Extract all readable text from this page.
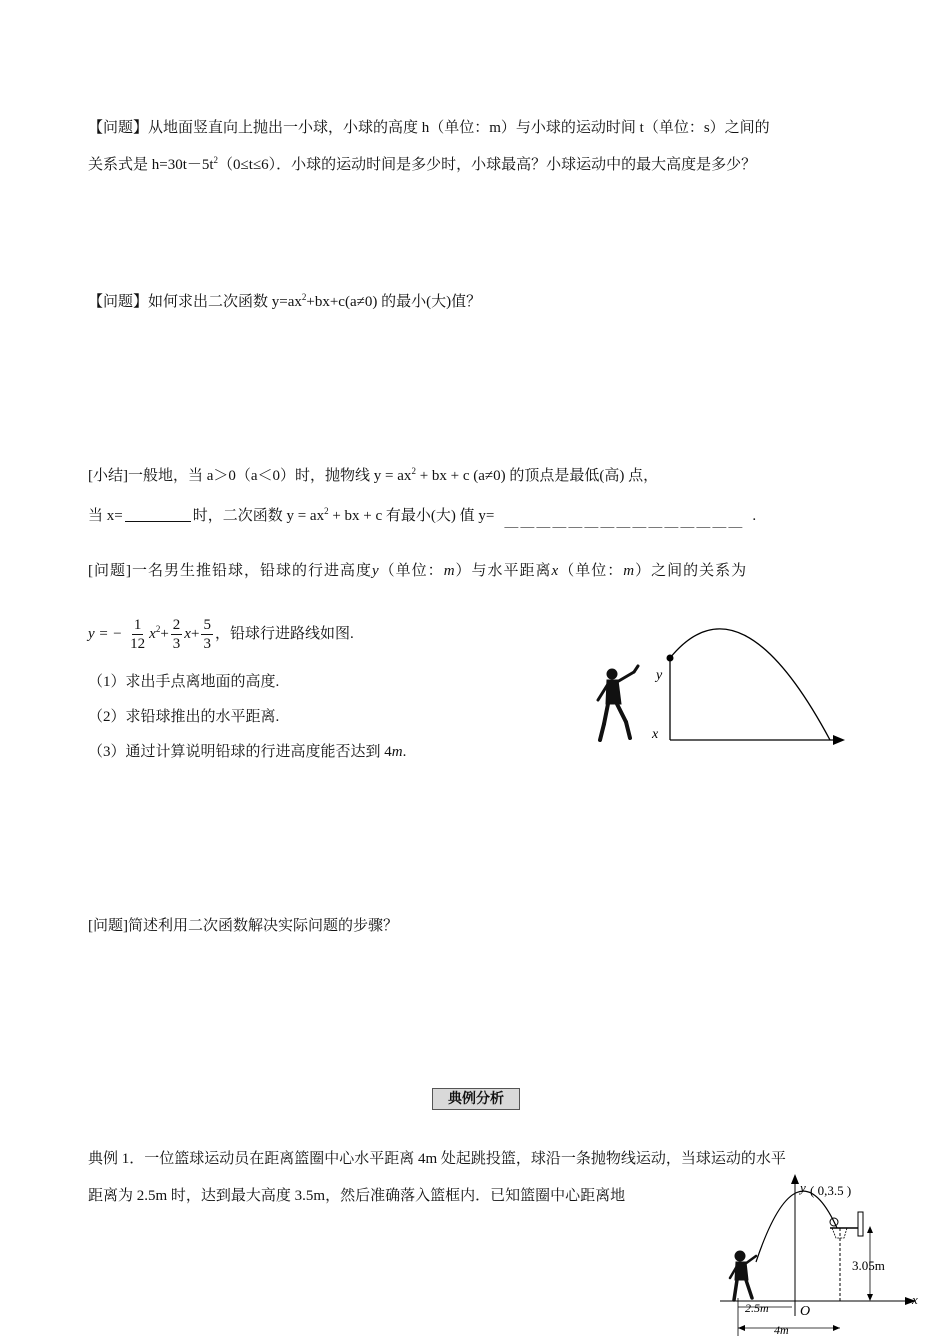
【问题】从地面竖直向上抛出一小球，小球的高度 h（单位：m）与小球的运动时间 t（单位：s）之间的
关系式是 $h=30t-5t^2(0\le t\le 6)$．小球的运动时间是多少时，小球最高？小球运动中的最大高度是多少？
【问题】如何求出二次函数 $y=ax^2+bx+c(a\ne 0)$ 的最小(大)值？
[小结]一般地，当 a＞0（a＜0）时，抛物线 $y = ax^2$ + bx + c (a≠0) 的顶点是最低(高) 点，
当 x=	时，二次函数 $y = ax^2$ + bx + c 有最小(大) 值 y= ＿＿＿＿＿＿＿＿＿＿＿＿＿＿＿ .
[问题]一名男生推铅球，铅球的行进高度y（单位：m）与水平距离x（单位：m）之间的关系为
y = − $\frac{1}{12} x^2+ \frac{2}{3} x+ \frac{5}{3}$ ，铅球行进路线如图.
（1）求出手点离地面的高度.
（2）求铅球推出的水平距离.
（3）通过计算说明铅球的行进高度能否达到 4m.
y
x
[问题]简述利用二次函数解决实际问题的步骤？
典例分析
典例 1．一位篮球运动员在距离篮圈中心水平距离 4m 处起跳投篮，球沿一条抛物线运动，当球运动的水平
距离为 2.5m 时，达到最大高度 3.5m，然后准确落入篮框内．已知篮圈中心距离地
y ( 0,3.5 )
3.05m
x
O
2.5m
4m
